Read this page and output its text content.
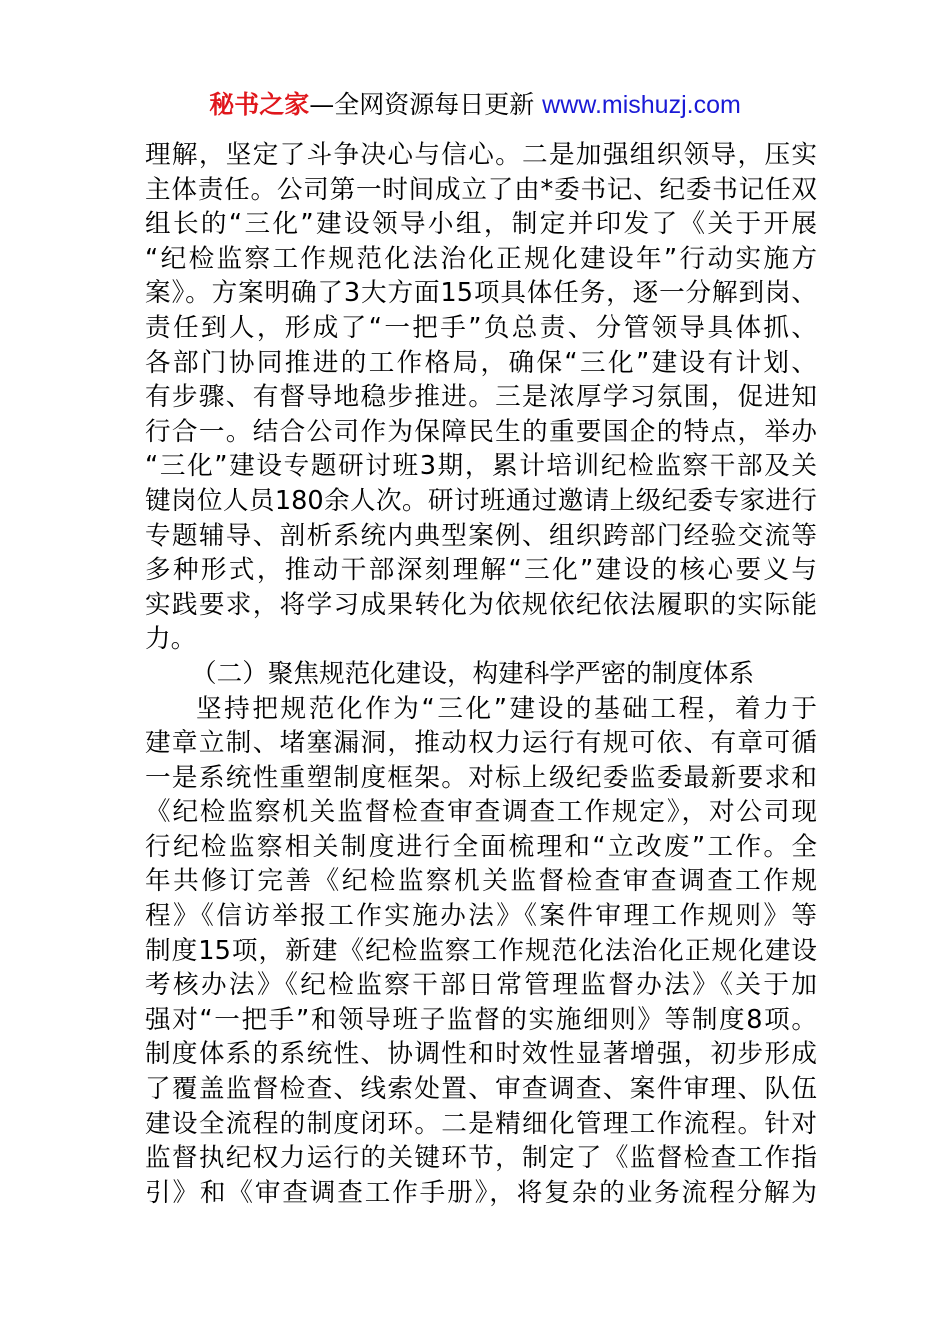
秘书之家—全网资源每日更新 www.mishuzj.com
理解，坚定了斗争决心与信心。二是加强组织领导，压实
主体责任。公司第一时间成立了由*委书记、纪委书记任双
组长的“三化”建设领导小组，制定并印发了《关于开展
“纪检监察工作规范化法治化正规化建设年”行动实施方
案》。方案明确了3大方面15项具体任务，逐一分解到岗、
责任到人，形成了“一把手”负总责、分管领导具体抓、
各部门协同推进的工作格局，确保“三化”建设有计划、
有步骤、有督导地稳步推进。三是浓厚学习氛围，促进知
行合一。结合公司作为保障民生的重要国企的特点，举办
“三化”建设专题研讨班3期，累计培训纪检监察干部及关
键岗位人员180余人次。研讨班通过邀请上级纪委专家进行
专题辅导、剖析系统内典型案例、组织跨部门经验交流等
多种形式，推动干部深刻理解“三化”建设的核心要义与
实践要求，将学习成果转化为依规依纪依法履职的实际能
力。
（二）聚焦规范化建设，构建科学严密的制度体系
坚持把规范化作为“三化”建设的基础工程，着力于
建章立制、堵塞漏洞，推动权力运行有规可依、有章可循
一是系统性重塑制度框架。对标上级纪委监委最新要求和
《纪检监察机关监督检查审查调查工作规定》，对公司现
行纪检监察相关制度进行全面梳理和“立改废”工作。全
年共修订完善《纪检监察机关监督检查审查调查工作规
程》《信访举报工作实施办法》《案件审理工作规则》等
制度15项，新建《纪检监察工作规范化法治化正规化建设
考核办法》《纪检监察干部日常管理监督办法》《关于加
强对“一把手”和领导班子监督的实施细则》等制度8项。
制度体系的系统性、协调性和时效性显著增强，初步形成
了覆盖监督检查、线索处置、审查调查、案件审理、队伍
建设全流程的制度闭环。二是精细化管理工作流程。针对
监督执纪权力运行的关键环节，制定了《监督检查工作指
引》和《审查调查工作手册》，将复杂的业务流程分解为
